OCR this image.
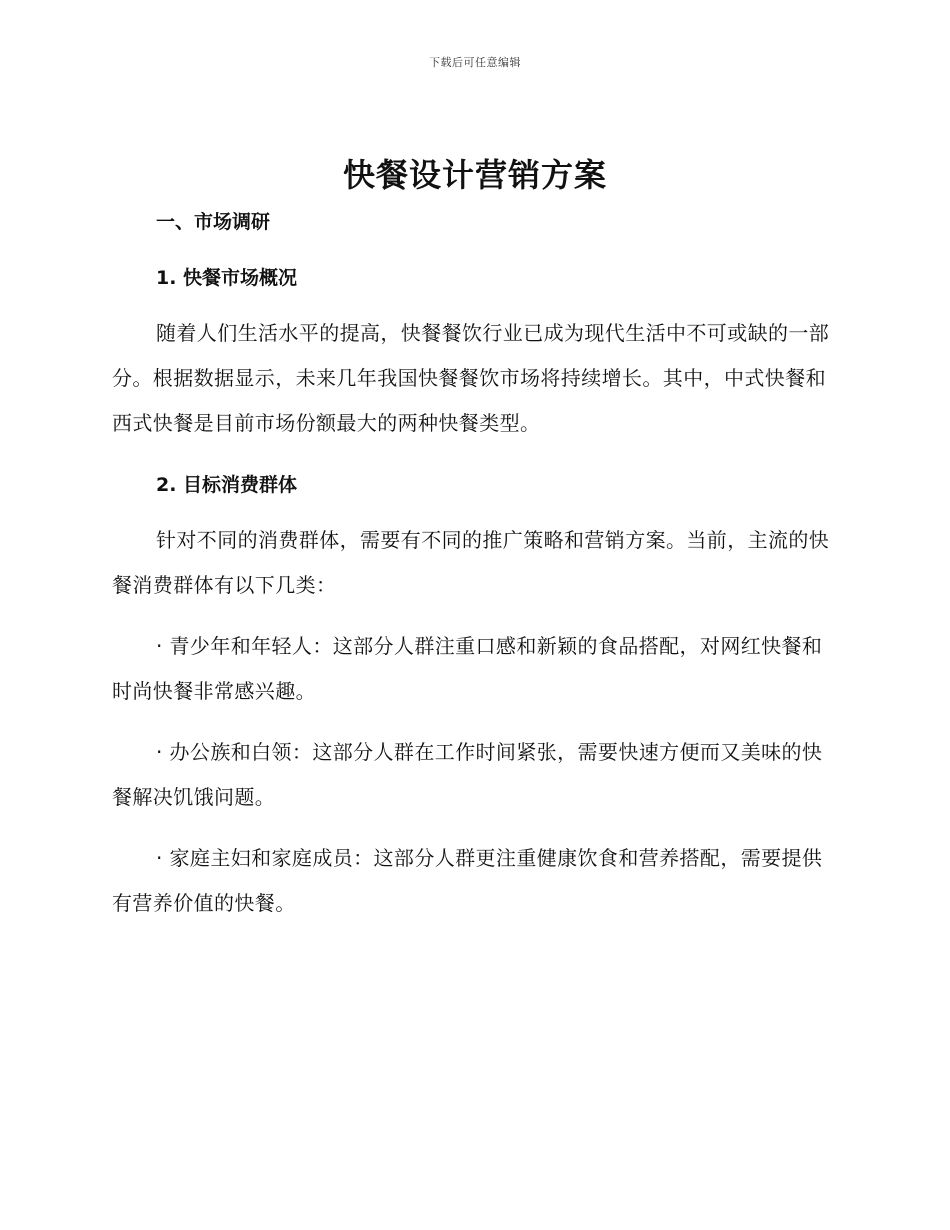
下载后可任意编辑
快餐设计营销方案
一、市场调研
1. 快餐市场概况

随着人们生活水平的提高，快餐餐饮行业已成为现代生活中不可或缺的一部分。根据数据显示，未来几年我国快餐餐饮市场将持续增长。其中，中式快餐和西式快餐是目前市场份额最大的两种快餐类型。

2. 目标消费群体

针对不同的消费群体，需要有不同的推广策略和营销方案。当前，主流的快餐消费群体有以下几类：

· 青少年和年轻人：这部分人群注重口感和新颖的食品搭配，对网红快餐和时尚快餐非常感兴趣。

· 办公族和白领：这部分人群在工作时间紧张，需要快速方便而又美味的快餐解决饥饿问题。

· 家庭主妇和家庭成员：这部分人群更注重健康饮食和营养搭配，需要提供有营养价值的快餐。
